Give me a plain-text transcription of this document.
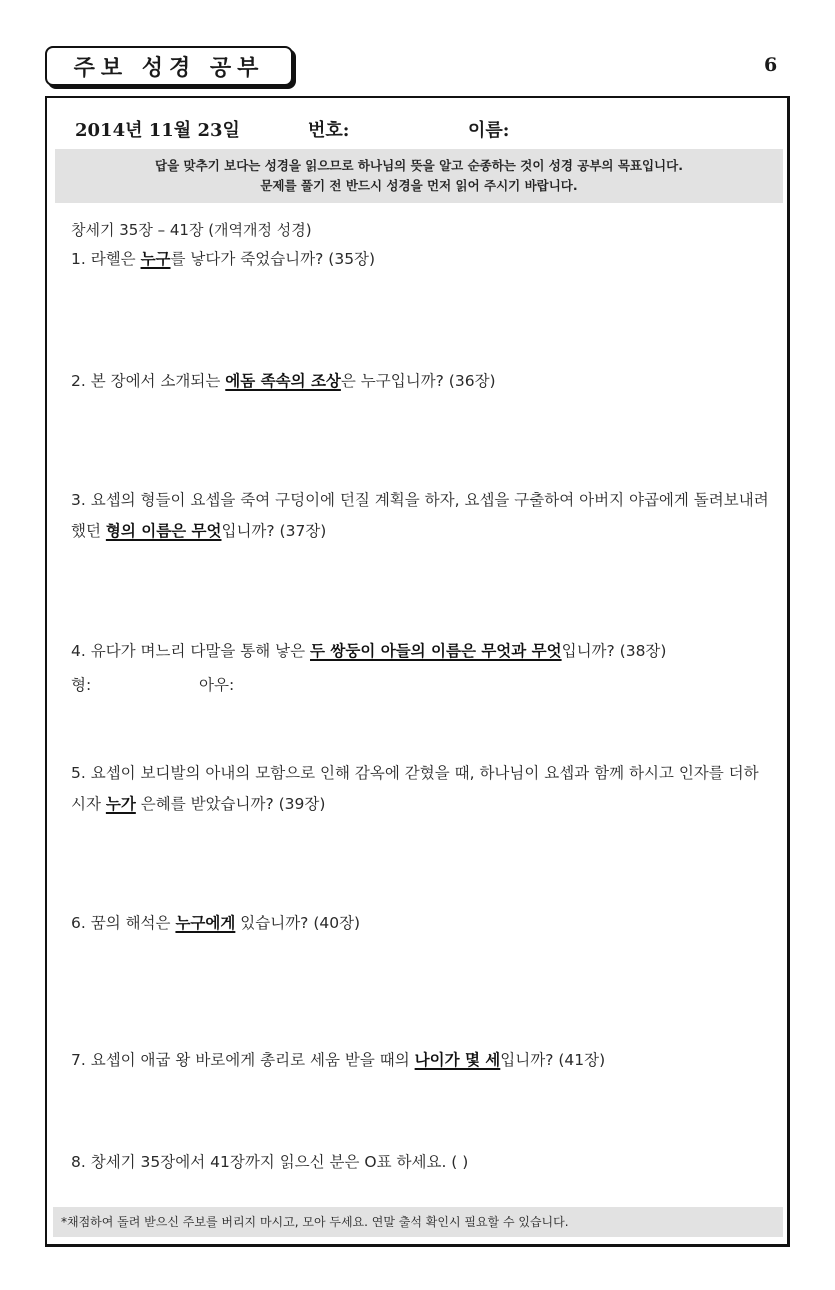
주보 성경 공부	6
2014년 11월 23일	번호:	이름:
답을 맞추기 보다는 성경을 읽으므로 하나님의 뜻을 알고 순종하는 것이 성경 공부의 목표입니다.
문제를 풀기 전 반드시 성경을 먼저 읽어 주시기 바랍니다.
창세기 35장 – 41장 (개역개정 성경)
1. 라헬은 누구를 낳다가 죽었습니까? (35장)
2. 본 장에서 소개되는 에돔 족속의 조상은 누구입니까? (36장)
3. 요셉의 형들이 요셉을 죽여 구덩이에 던질 계획을 하자, 요셉을 구출하여 아버지 야곱에게 돌려보내려 했던 형의 이름은 무엇입니까? (37장)
4. 유다가 며느리 다말을 통해 낳은 두 쌍둥이 아들의 이름은 무엇과 무엇입니까? (38장)
형:	아우:
5. 요셉이 보디발의 아내의 모함으로 인해 감옥에 갇혔을 때, 하나님이 요셉과 함께 하시고 인자를 더하시자 누가 은혜를 받았습니까? (39장)
6. 꿈의 해석은 누구에게 있습니까? (40장)
7. 요셉이 애굽 왕 바로에게 총리로 세움 받을 때의 나이가 몇 세입니까? (41장)
8. 창세기 35장에서 41장까지 읽으신 분은 O표 하세요. ( )
*채점하여 돌려 받으신 주보를 버리지 마시고, 모아 두세요. 연말 출석 확인시 필요할 수 있습니다.
